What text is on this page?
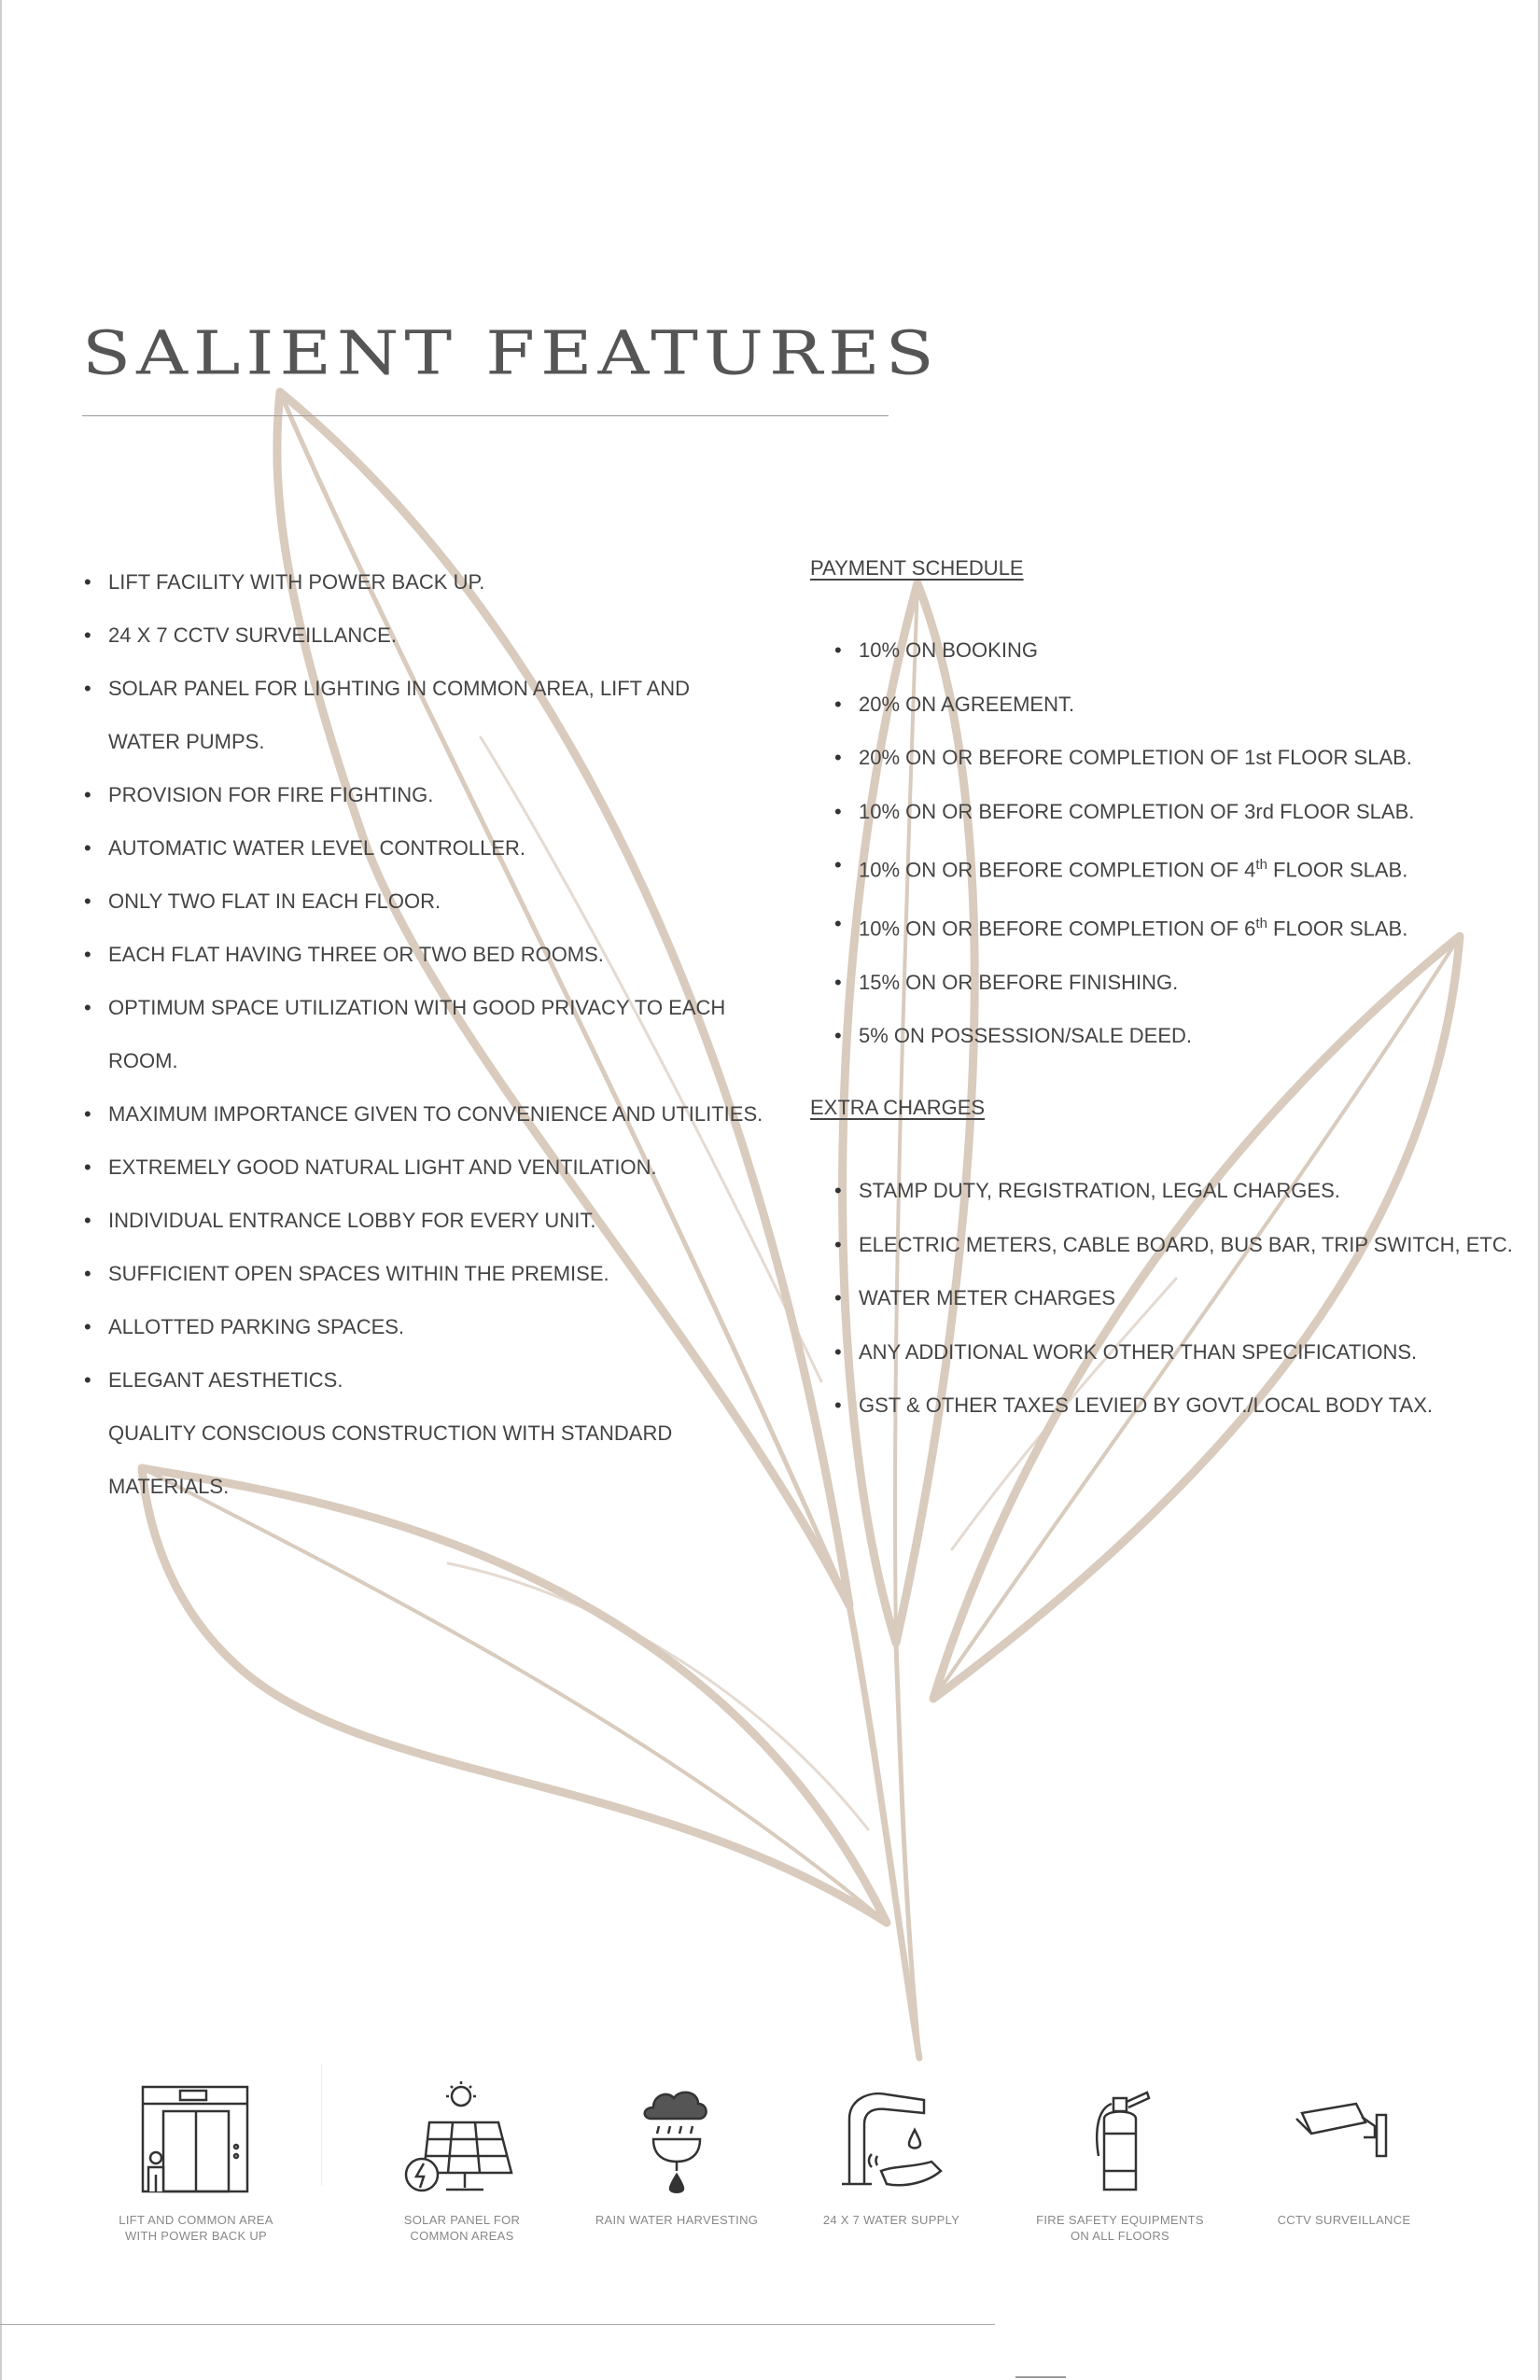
SALIENT FEATURES
• LIFT FACILITY WITH POWER BACK UP.
• 24 X 7 CCTV SURVEILLANCE.
• SOLAR PANEL FOR LIGHTING IN COMMON AREA, LIFT AND WATER PUMPS.
• PROVISION FOR FIRE FIGHTING.
• AUTOMATIC WATER LEVEL CONTROLLER.
• ONLY TWO FLAT IN EACH FLOOR.
• EACH FLAT HAVING THREE OR TWO BED ROOMS.
• OPTIMUM SPACE UTILIZATION WITH GOOD PRIVACY TO EACH ROOM.
• MAXIMUM IMPORTANCE GIVEN TO CONVENIENCE AND UTILITIES.
• EXTREMELY GOOD NATURAL LIGHT AND VENTILATION.
• INDIVIDUAL ENTRANCE LOBBY FOR EVERY UNIT.
• SUFFICIENT OPEN SPACES WITHIN THE PREMISE.
• ALLOTTED PARKING SPACES.
• ELEGANT AESTHETICS.
QUALITY CONSCIOUS CONSTRUCTION WITH STANDARD MATERIALS.
PAYMENT SCHEDULE
• 10% ON BOOKING
• 20% ON AGREEMENT.
• 20% ON OR BEFORE COMPLETION OF 1st FLOOR SLAB.
• 10% ON OR BEFORE COMPLETION OF 3rd FLOOR SLAB.
• 10% ON OR BEFORE COMPLETION OF 4th FLOOR SLAB.
• 10% ON OR BEFORE COMPLETION OF 6th FLOOR SLAB.
• 15% ON OR BEFORE FINISHING.
• 5% ON POSSESSION/SALE DEED.
EXTRA CHARGES
• STAMP DUTY, REGISTRATION, LEGAL CHARGES.
• ELECTRIC METERS, CABLE BOARD, BUS BAR, TRIP SWITCH, ETC.
• WATER METER CHARGES
• ANY ADDITIONAL WORK OTHER THAN SPECIFICATIONS.
• GST & OTHER TAXES LEVIED BY GOVT./LOCAL BODY TAX.
LIFT AND COMMON AREA
WITH POWER BACK UP
SOLAR PANEL FOR
COMMON AREAS
RAIN WATER HARVESTING	24 X 7 WATER SUPPLY	FIRE SAFETY EQUIPMENTS
ON ALL FLOORS
CCTV SURVEILLANCE
